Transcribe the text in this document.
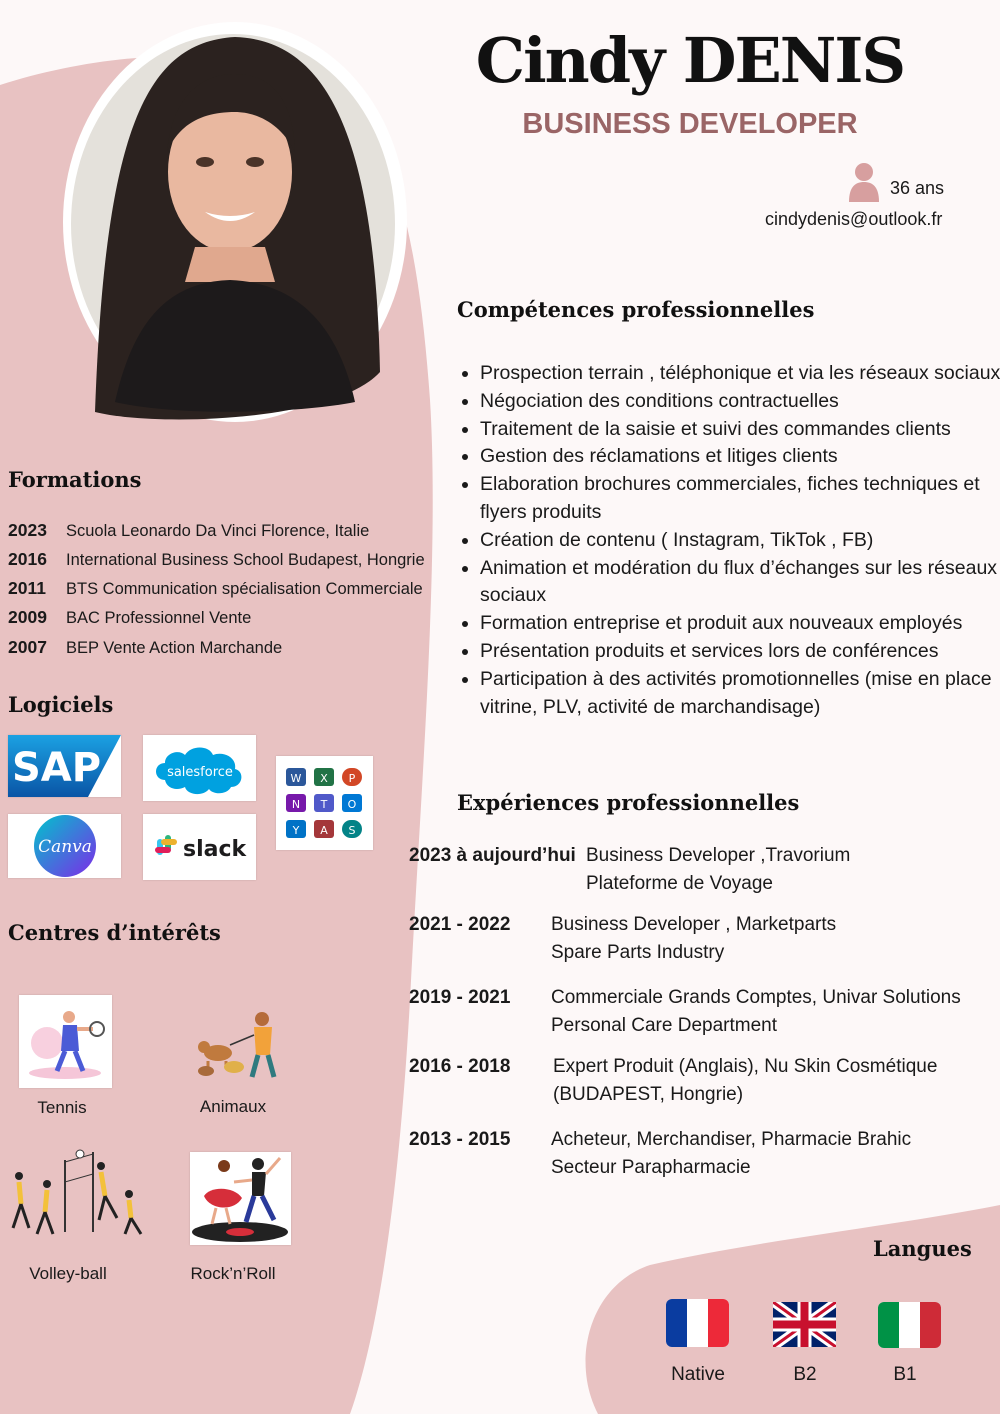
Cindy DENIS
BUSINESS DEVELOPER
36 ans
cindydenis@outlook.fr
Compétences professionnelles
• Prospection terrain , téléphonique et via les réseaux sociaux
• Négociation des conditions contractuelles
• Traitement de la saisie et suivi des commandes clients
• Gestion des réclamations et litiges clients
• Elaboration brochures commerciales, fiches techniques et flyers produits
• Création de contenu ( Instagram, TikTok , FB)
• Animation et modération du flux d’échanges sur les réseaux sociaux
• Formation entreprise et produit aux nouveaux employés
• Présentation produits et services lors de conférences
• Participation à des activités promotionnelles (mise en place vitrine, PLV, activité de marchandisage)
Expériences professionnelles
2023 à aujourd’hui Business Developer ,Travorium
Plateforme de Voyage
2021 - 2022 Business Developer , Marketparts
Spare Parts Industry
2019 - 2021 Commerciale Grands Comptes, Univar Solutions
Personal Care Department
2016 - 2018 Expert Produit (Anglais), Nu Skin Cosmétique
(BUDAPEST, Hongrie)
2013 - 2015 Acheteur, Merchandiser, Pharmacie Brahic
Secteur Parapharmacie
Formations
2023 Scuola Leonardo Da Vinci Florence, Italie
2016 International Business School Budapest, Hongrie
2011 BTS Communication spécialisation Commerciale
2009 BAC Professionnel Vente
2007 BEP Vente Action Marchande
Logiciels
SAP	salesforce	W X P
N T O
Y A S
Canva	slack
Centres d’intérêts
Tennis	Animaux
Volley-ball	Rock’n’Roll
Langues
Native	B2	B1
